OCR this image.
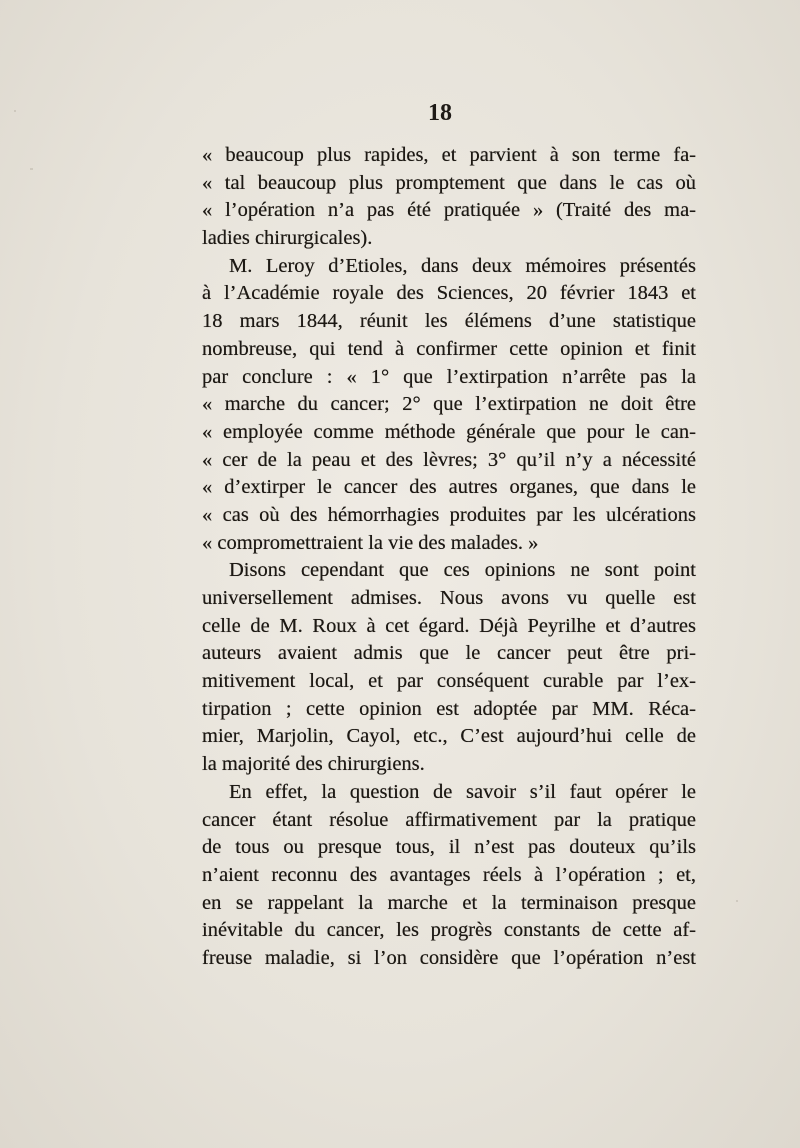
18
« beaucoup plus rapides, et parvient à son terme fa-
« tal beaucoup plus promptement que dans le cas où
« l’opération n’a pas été pratiquée » (Traité des ma-
ladies chirurgicales).
M. Leroy d’Etioles, dans deux mémoires présentés
à l’Académie royale des Sciences, 20 février 1843 et
18 mars 1844, réunit les élémens d’une statistique
nombreuse, qui tend à confirmer cette opinion et finit
par conclure : « 1° que l’extirpation n’arrête pas la
« marche du cancer; 2° que l’extirpation ne doit être
« employée comme méthode générale que pour le can-
« cer de la peau et des lèvres; 3° qu’il n’y a nécessité
« d’extirper le cancer des autres organes, que dans le
« cas où des hémorrhagies produites par les ulcérations
« compromettraient la vie des malades. »
Disons cependant que ces opinions ne sont point
universellement admises. Nous avons vu quelle est
celle de M. Roux à cet égard. Déjà Peyrilhe et d’autres
auteurs avaient admis que le cancer peut être pri-
mitivement local, et par conséquent curable par l’ex-
tirpation ; cette opinion est adoptée par MM. Réca-
mier, Marjolin, Cayol, etc., C’est aujourd’hui celle de
la majorité des chirurgiens.
En effet, la question de savoir s’il faut opérer le
cancer étant résolue affirmativement par la pratique
de tous ou presque tous, il n’est pas douteux qu’ils
n’aient reconnu des avantages réels à l’opération ; et,
en se rappelant la marche et la terminaison presque
inévitable du cancer, les progrès constants de cette af-
freuse maladie, si l’on considère que l’opération n’est
